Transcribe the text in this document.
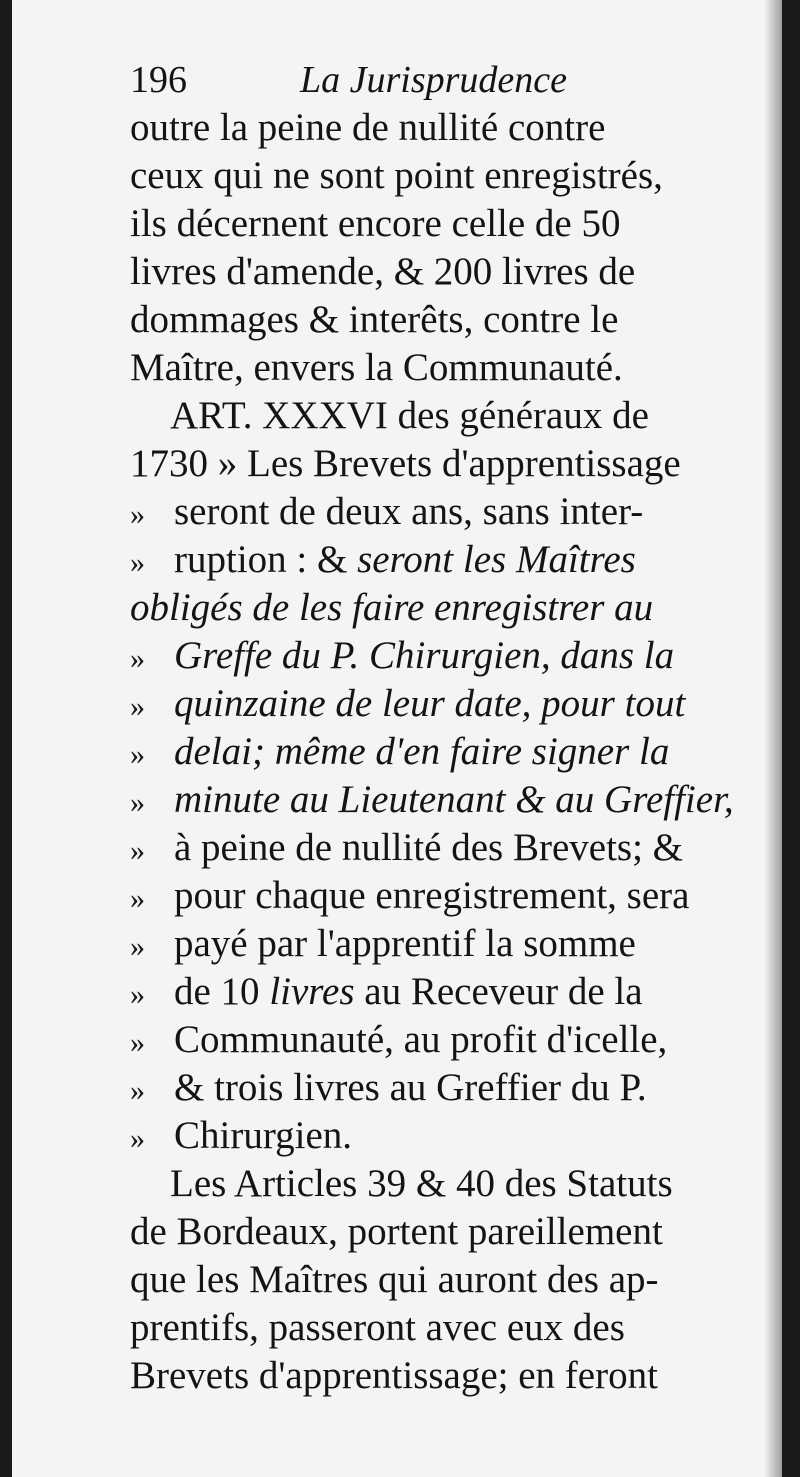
196	La Jurisprudence
outre la peine de nullité contre
ceux qui ne sont point enregistrés,
ils décernent encore celle de 50
livres d'amende, & 200 livres de
dommages & interêts, contre le
Maître, envers la Communauté.
ART. XXXVI des généraux de
1730 » Les Brevets d'apprentissage
» seront de deux ans, sans inter-
» ruption : & seront les Maîtres
obligés de les faire enregistrer au
» Greffe du P. Chirurgien, dans la
» quinzaine de leur date, pour tout
» delai; même d'en faire signer la
» minute au Lieutenant & au Greffier,
» à peine de nullité des Brevets; &
» pour chaque enregistrement, sera
» payé par l'apprentif la somme
» de 10 livres au Receveur de la
» Communauté, au profit d'icelle,
» & trois livres au Greffier du P.
» Chirurgien.
Les Articles 39 & 40 des Statuts
de Bordeaux, portent pareillement
que les Maîtres qui auront des ap-
prentifs, passeront avec eux des
Brevets d'apprentissage; en feront
